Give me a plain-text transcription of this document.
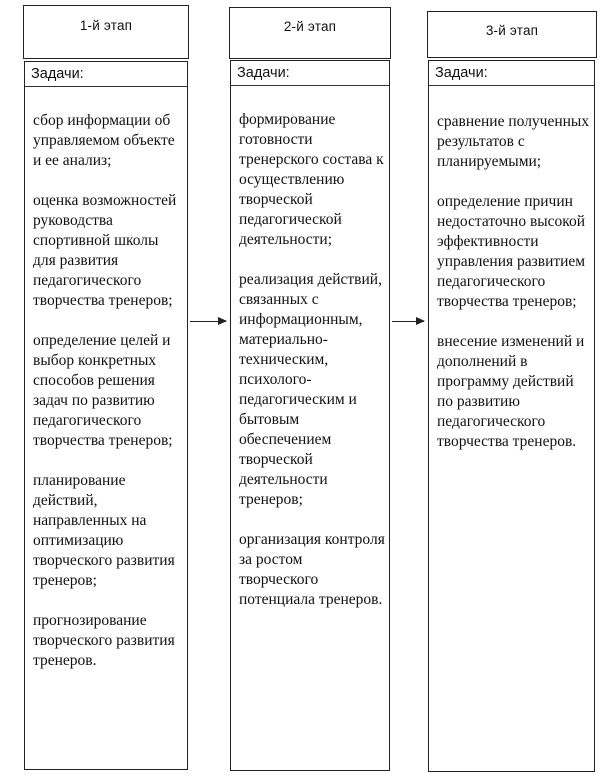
1-й этап	2-й этап	3-й этап
Задачи:
сбор информации об управляемом объекте и ее анализ;
оценка возможностей руководства спортивной школы для развития педагогического творчества тренеров;
определение целей и выбор конкретных способов решения задач по развитию педагогического творчества тренеров;
планирование действий, направленных на оптимизацию творческого развития тренеров;
прогнозирование творческого развития тренеров.
Задачи:
формирование готовности тренерского состава к осуществлению творческой педагогической деятельности;
реализация действий, связанных с информационным, материально-техническим, психолого-педагогическим и бытовым обеспечением творческой деятельности тренеров;
организация контроля за ростом творческого потенциала тренеров.
Задачи:
сравнение полученных результатов с планируемыми;
определение причин недостаточно высокой эффективности управления развитием педагогического творчества тренеров;
внесение изменений и дополнений в программу действий по развитию педагогического творчества тренеров.
